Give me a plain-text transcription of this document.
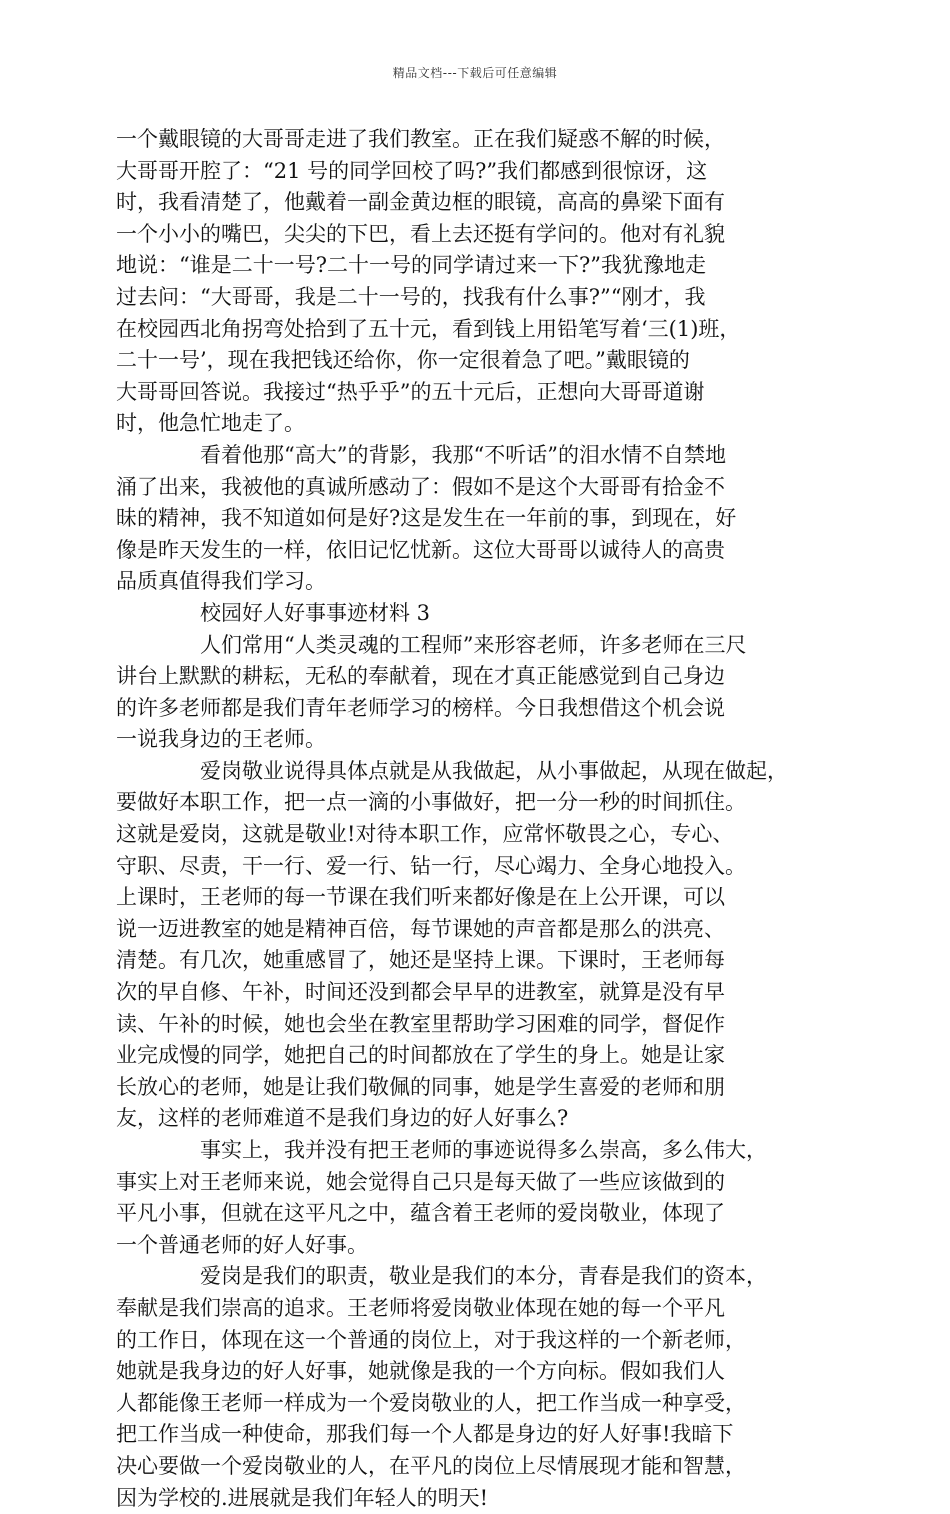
精品文档---下载后可任意编辑
一个戴眼镜的大哥哥走进了我们教室。正在我们疑惑不解的时候，
大哥哥开腔了：“21 号的同学回校了吗?”我们都感到很惊讶，这
时，我看清楚了，他戴着一副金黄边框的眼镜，高高的鼻梁下面有
一个小小的嘴巴，尖尖的下巴，看上去还挺有学问的。他对有礼貌
地说：“谁是二十一号?二十一号的同学请过来一下?”我犹豫地走
过去问：“大哥哥，我是二十一号的，找我有什么事?”“刚才，我
在校园西北角拐弯处拾到了五十元，看到钱上用铅笔写着‘三(1)班，
二十一号’，现在我把钱还给你，你一定很着急了吧。”戴眼镜的
大哥哥回答说。我接过“热乎乎”的五十元后，正想向大哥哥道谢
时，他急忙地走了。
看着他那“高大”的背影，我那“不听话”的泪水情不自禁地
涌了出来，我被他的真诚所感动了：假如不是这个大哥哥有拾金不
昧的精神，我不知道如何是好?这是发生在一年前的事，到现在，好
像是昨天发生的一样，依旧记忆忧新。这位大哥哥以诚待人的高贵
品质真值得我们学习。
校园好人好事事迹材料 3
人们常用“人类灵魂的工程师”来形容老师，许多老师在三尺
讲台上默默的耕耘，无私的奉献着，现在才真正能感觉到自己身边
的许多老师都是我们青年老师学习的榜样。今日我想借这个机会说
一说我身边的王老师。
爱岗敬业说得具体点就是从我做起，从小事做起，从现在做起，
要做好本职工作，把一点一滴的小事做好，把一分一秒的时间抓住。
这就是爱岗，这就是敬业!对待本职工作，应常怀敬畏之心，专心、
守职、尽责，干一行、爱一行、钻一行，尽心竭力、全身心地投入。
上课时，王老师的每一节课在我们听来都好像是在上公开课，可以
说一迈进教室的她是精神百倍，每节课她的声音都是那么的洪亮、
清楚。有几次，她重感冒了，她还是坚持上课。下课时，王老师每
次的早自修、午补，时间还没到都会早早的进教室，就算是没有早
读、午补的时候，她也会坐在教室里帮助学习困难的同学，督促作
业完成慢的同学，她把自己的时间都放在了学生的身上。她是让家
长放心的老师，她是让我们敬佩的同事，她是学生喜爱的老师和朋
友，这样的老师难道不是我们身边的好人好事么?
事实上，我并没有把王老师的事迹说得多么崇高，多么伟大，
事实上对王老师来说，她会觉得自己只是每天做了一些应该做到的
平凡小事，但就在这平凡之中，蕴含着王老师的爱岗敬业，体现了
一个普通老师的好人好事。
爱岗是我们的职责，敬业是我们的本分，青春是我们的资本，
奉献是我们崇高的追求。王老师将爱岗敬业体现在她的每一个平凡
的工作日，体现在这一个普通的岗位上，对于我这样的一个新老师，
她就是我身边的好人好事，她就像是我的一个方向标。假如我们人
人都能像王老师一样成为一个爱岗敬业的人，把工作当成一种享受，
把工作当成一种使命，那我们每一个人都是身边的好人好事!我暗下
决心要做一个爱岗敬业的人，在平凡的岗位上尽情展现才能和智慧，
因为学校的.进展就是我们年轻人的明天!
